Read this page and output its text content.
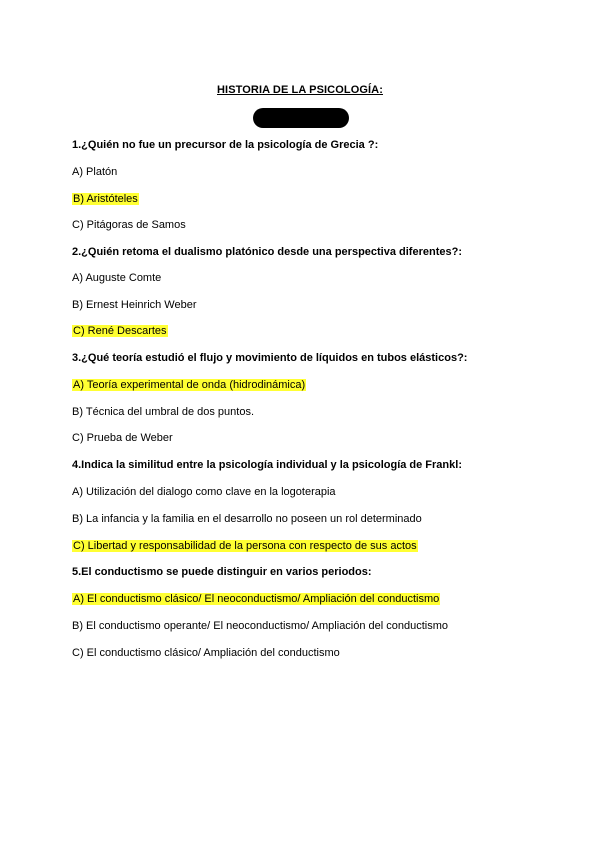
HISTORIA DE LA PSICOLOGÍA:
1.¿Quién no fue un precursor de la psicología de Grecia ?:
A) Platón
B) Aristóteles
C) Pitágoras de Samos
2.¿Quién retoma el dualismo platónico desde una perspectiva diferentes?:
A) Auguste Comte
B) Ernest Heinrich Weber
C) René Descartes
3.¿Qué teoría estudió el flujo y movimiento de líquidos en tubos elásticos?:
A) Teoría experimental de onda (hidrodinámica)
B) Técnica del umbral de dos puntos.
C) Prueba de Weber
4.Indica la similitud entre la psicología individual y la psicología de Frankl:
A) Utilización del dialogo como clave en la logoterapia
B) La infancia y la familia en el desarrollo no poseen un rol determinado
C) Libertad y responsabilidad de la persona con respecto de sus actos
5.El conductismo se puede distinguir en varios periodos:
A) El conductismo clásico/ El neoconductismo/ Ampliación del conductismo
B) El conductismo operante/ El neoconductismo/ Ampliación del conductismo
C) El conductismo clásico/ Ampliación del conductismo
